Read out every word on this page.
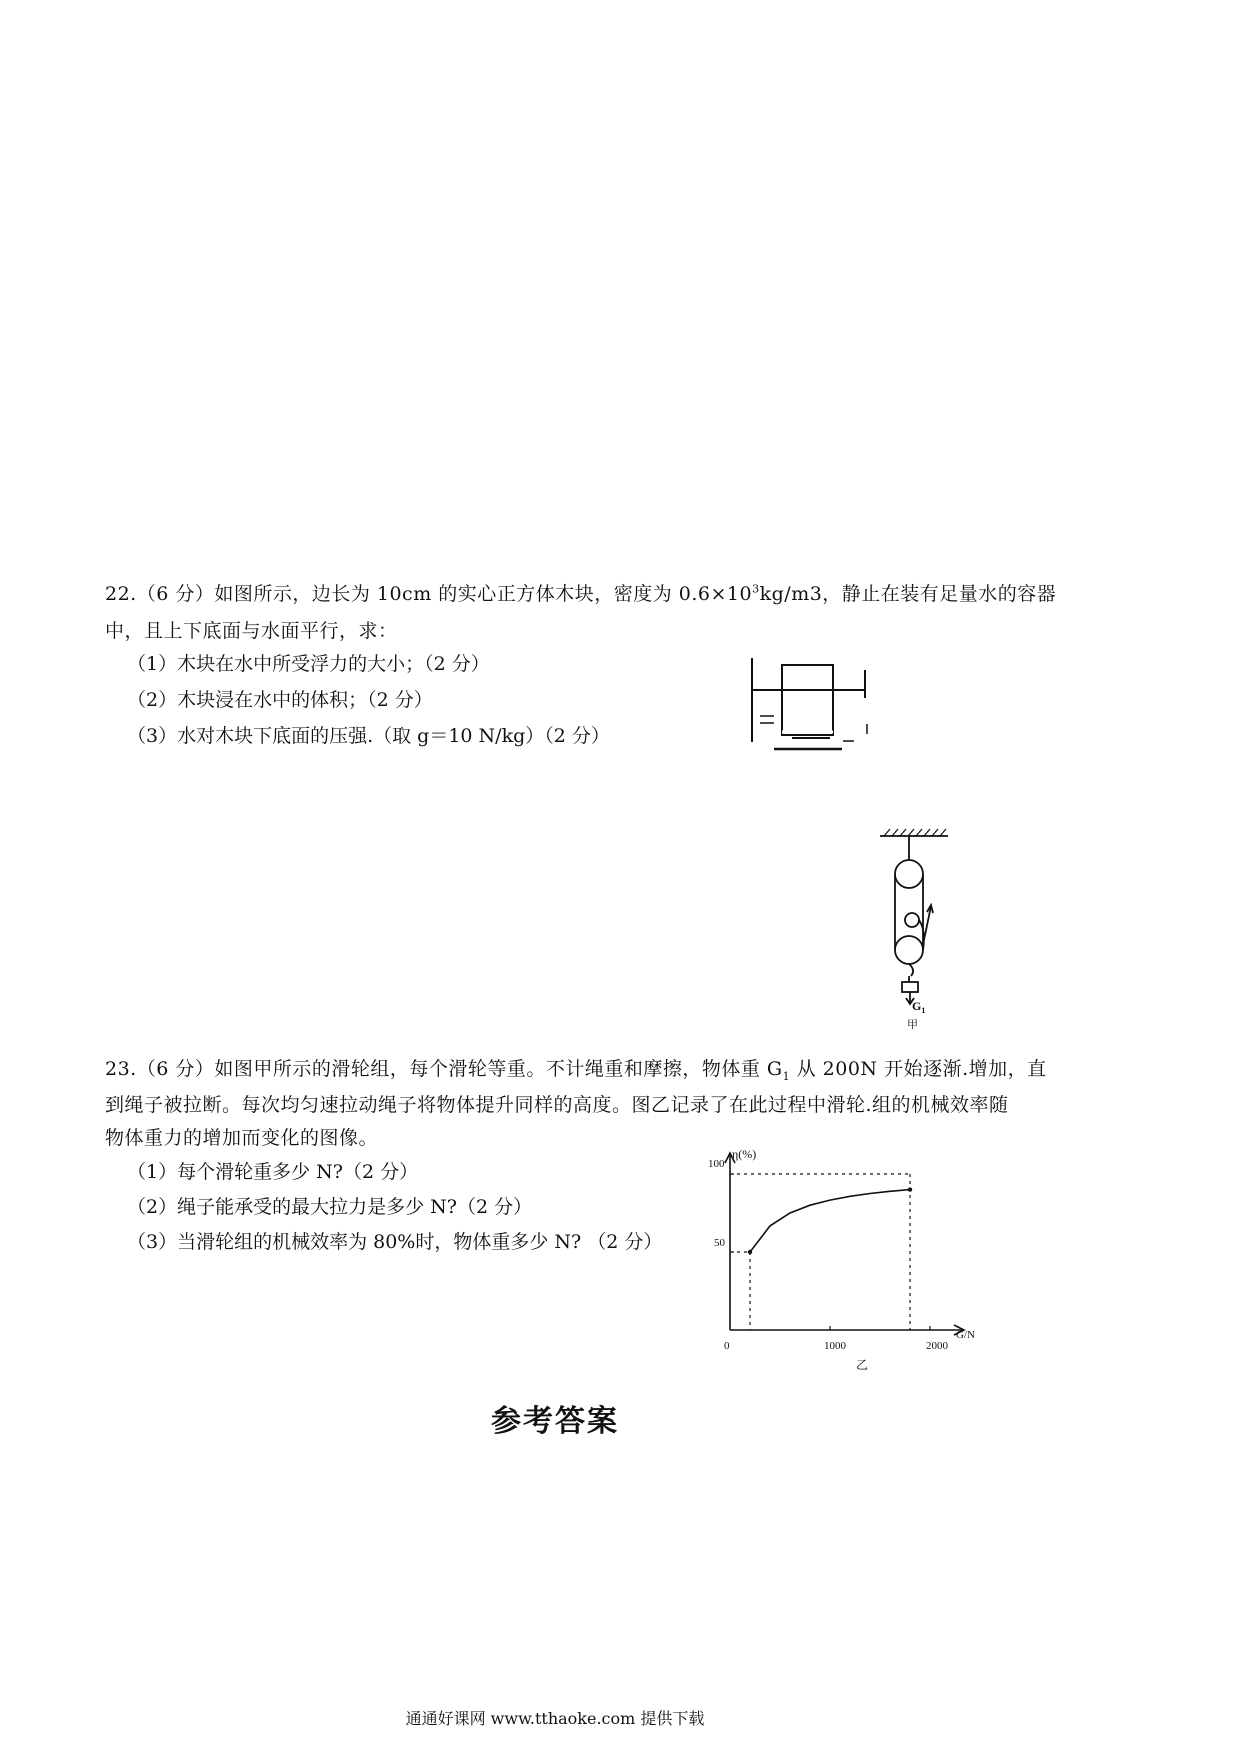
22.（6 分）如图所示，边长为 10cm 的实心正方体木块，密度为 $0.6\times 10^3kg/m3$，静止在装有足量水的容器
中，且上下底面与水面平行，求：
（1）木块在水中所受浮力的大小；（2 分）
（2）木块浸在水中的体积；（2 分）
（3）水对木块下底面的压强.（取 g＝10 N/kg）（2 分）
$G_1$
甲
23.（6 分）如图甲所示的滑轮组，每个滑轮等重。不计绳重和摩擦，物体重 $G_1$ 从 200N 开始逐渐.增加，直
到绳子被拉断。每次均匀速拉动绳子将物体提升同样的高度。图乙记录了在此过程中滑轮.组的机械效率随
物体重力的增加而变化的图像。
（1）每个滑轮重多少 N?（2 分）
（2）绳子能承受的最大拉力是多少 N?（2 分）
（3）当滑轮组的机械效率为 80%时，物体重多少 N? （2 分）
η(%)
G/N
100
50
0	1000	2000
乙
参考答案
通通好课网 www.tthaoke.com 提供下载
